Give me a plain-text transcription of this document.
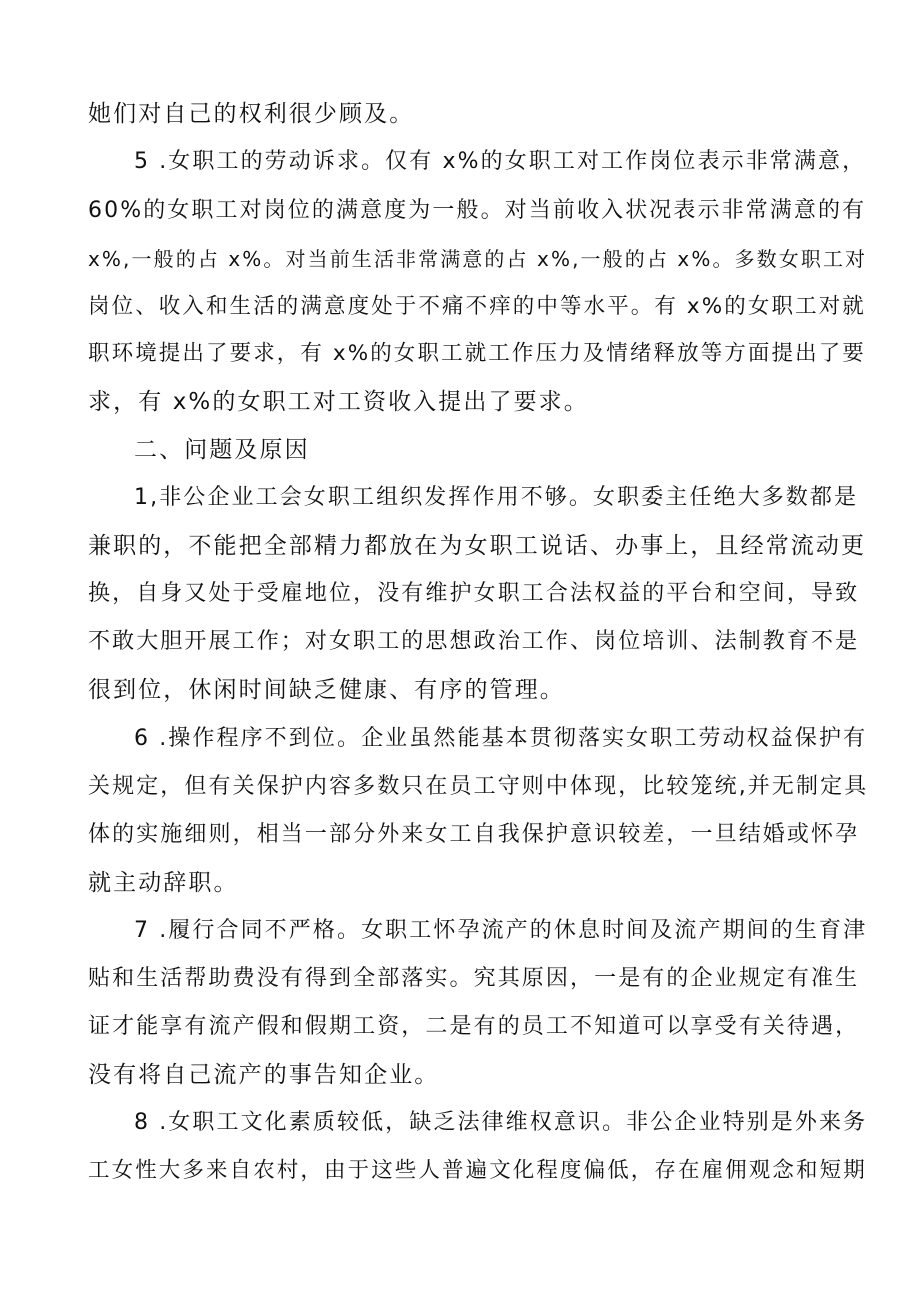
她们对自己的权利很少顾及。
5 .女职工的劳动诉求。仅有 x%的女职工对工作岗位表示非常满意，
60%的女职工对岗位的满意度为一般。对当前收入状况表示非常满意的有
x%,一般的占 x%。对当前生活非常满意的占 x%,一般的占 x%。多数女职工对
岗位、收入和生活的满意度处于不痛不痒的中等水平。有 x%的女职工对就
职环境提出了要求，有 x%的女职工就工作压力及情绪释放等方面提出了要
求，有 x%的女职工对工资收入提出了要求。
二、问题及原因
1,非公企业工会女职工组织发挥作用不够。女职委主任绝大多数都是
兼职的，不能把全部精力都放在为女职工说话、办事上，且经常流动更
换，自身又处于受雇地位，没有维护女职工合法权益的平台和空间，导致
不敢大胆开展工作；对女职工的思想政治工作、岗位培训、法制教育不是
很到位，休闲时间缺乏健康、有序的管理。
6 .操作程序不到位。企业虽然能基本贯彻落实女职工劳动权益保护有
关规定，但有关保护内容多数只在员工守则中体现，比较笼统,并无制定具
体的实施细则，相当一部分外来女工自我保护意识较差，一旦结婚或怀孕
就主动辞职。
7 .履行合同不严格。女职工怀孕流产的休息时间及流产期间的生育津
贴和生活帮助费没有得到全部落实。究其原因，一是有的企业规定有准生
证才能享有流产假和假期工资，二是有的员工不知道可以享受有关待遇，
没有将自己流产的事告知企业。
8 .女职工文化素质较低，缺乏法律维权意识。非公企业特别是外来务
工女性大多来自农村，由于这些人普遍文化程度偏低，存在雇佣观念和短期
